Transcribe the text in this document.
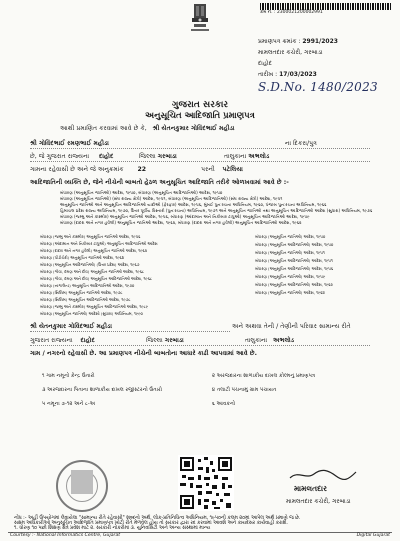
ક્રમ નં. : 2300021200002991
પ્રમાણપત્ર ક્રમાંક : 2991/2023
મામલતદાર કચેરી, ગરબાડા
દાહોદ
તારીખ : 17/03/2023
S.D.No. 1480/2023
ગુજરાત સરકાર
અનુસૂચિત આદિજાતિ પ્રમાણપત્ર
આથી પ્રમાણિત કરવામાં આવે છે કે, શ્રી યેતનકુમાર ગોવિંદભાઈ મહીડા
શ્રી ગોવિંદભાઈ રમણભાઈ મહીડા	ના દિકરા/પુત્ર
છે, જે ગુજરાત રાજ્યના દાહોદ	જિલ્લા ગરબાડા	તાલુકાના અભલોડ
ગામના રહેવાસી છે અને જે અનુક્રમાંક 22	પરની પટેલિયા
આદિજાતિની વ્યક્તિ છે, જેને નીચેની બાબતો હેઠળ અનુસૂચિત આદિજાતિ તરીકે ઓળખવામાં આવે છે :-
બંધારણ (અનુસૂચિત જાતિઓ) આદેશ, ૧૯૫૦, બંધારણ (અનુસૂચિત આદિજાતિઓ) આદેશ, ૧૯૫૦
બંધારણ (અનુસૂચિત જાતિઓ) (સંઘ રાજ્ય ક્ષેત્રો) આદેશ, ૧૯૫૧, બંધારણ (અનુસૂચિત આદિજાતિઓ) (સંઘ રાજ્ય ક્ષેત્રો) આદેશ, ૧૯૫૧
અનુસૂચિત જાતિઓ અને અનુસૂચિત આદિજાતિઓ યાદીઓ (ફેરફાર) આદેશ, ૧૯૫૬, મુંબઈ પુનઃરચના અધિનિયમ, ૧૯૬૦, પંજાબ પુનઃરચના અધિનિયમ, ૧૯૬૬
હિમાચલ પ્રદેશ રાજ્ય અધિનિયમ, ૧૯૭૦, ઉત્તર પૂર્વીય વિસ્તારો (પુનઃરચના) અધિનિયમ, ૧૯૭૧ અને અનુસૂચિત જાતિઓ તથા અનુસૂચિત આદિજાતિઓ આદેશ (સુધારા) અધિનિયમ, ૧૯૭૬
બંધારણ (જમ્મુ અને કાશ્મીર) અનુસૂચિત જાતિઓ આદેશ, ૧૯૫૬, બંધારણ (આંદામાન અને નિકોબાર ટાપુઓ) અનુસૂચિત આદિજાતિઓ આદેશ, ૧૯૫૯
બંધારણ (દાદરા અને નગર હવેલી) અનુસૂચિત જાતિઓ આદેશ, ૧૯૬૨, બંધારણ (દાદરા અને નગર હવેલી) અનુસૂચિત આદિજાતિઓ આદેશ, ૧૯૬૨
બંધારણ (જમ્મુ અને કાશ્મીર) અનુસૂચિત જાતિઓ આદેશ, ૧૯૫૬
બંધારણ (આંદામાન અને નિકોબાર ટાપુઓ) અનુસૂચિત આદિજાતિઓ આદેશ
બંધારણ (દાદરા અને નગર હવેલી) અનુસૂચિત જાતિઓ આદેશ, ૧૯૬૨
બંધારણ (પોંડીચેરી) અનુસૂચિત જાતિઓ આદેશ, ૧૯૬૪
બંધારણ (અનુસૂચિત આદિજાતિઓ) (ઉત્તર પ્રદેશ) આદેશ, ૧૯૬૭
બંધારણ (ગોવા, દમણ અને દીવ) અનુસૂચિત જાતિઓ આદેશ, ૧૯૬૮
બંધારણ (ગોવા, દમણ અને દીવ) અનુસૂચિત આદિજાતિઓ આદેશ, ૧૯૬૮
બંધારણ (નાગાલેન્ડ) અનુસૂચિત આદિજાતિઓ આદેશ, ૧૯૭૦
બંધારણ (સિક્કિમ) અનુસૂચિત જાતિઓ આદેશ, ૧૯૭૮
બંધારણ (સિક્કિમ) અનુસૂચિત આદિજાતિઓ આદેશ, ૧૯૭૮
બંધારણ (જમ્મુ અને કાશ્મીર) અનુસૂચિત આદિજાતિઓ આદેશ, ૧૯૮૯
બંધારણ (અનુસૂચિત જાતિઓ) આદેશો (સુધારા) અધિનિયમ, ૧૯૯૦
બંધારણ (અનુસૂચિત જાતિઓ) આદેશ, ૧૯૫૦
બંધારણ (અનુસૂચિત આદિજાતિઓ) આદેશ, ૧૯૫૦
બંધારણ (અનુસૂચિત જાતિઓ) આદેશ, ૧૯૫૧
બંધારણ (અનુસૂચિત આદિજાતિઓ) આદેશ, ૧૯૫૧
બંધારણ (અનુસૂચિત આદિજાતિઓ) આદેશ, ૧૯૫૬
બંધારણ (અનુસૂચિત જાતિઓ) આદેશ, ૧૯૫૯
બંધારણ (અનુસૂચિત આદિજાતિઓ) આદેશ, ૧૯૬૨
બંધારણ (અનુસૂચિત જાતિઓ) આદેશ, ૧૯૬૪
શ્રી યેતનકુમાર ગોવિંદભાઈ મહીડા	અને અથવા તેની / તેણીની પરિવાર સામાન્ય રીતે
ગુજરાત રાજ્યના દાહોદ	જિલ્લા ગરબાડા	તાલુકાના અભલોડ
ગામ / નગરનો રહેવાસી છે. આ પ્રમાણપત્ર નીચેની બાબતોના આધારે કાઢી આપવામાં આવે છે.
૧ ગામ નમૂનો કેન્દ્ર ઉતારો	૨ અરજદારના શાળાકીય દાખલ કોલ્મનું પ્રમાણપત્ર
૩ અરજદારના પિતાના શાળાકીય દાખલ રજીસ્ટરનો ઉતારો	૪ તલાટી પંચનામું ગ્રામ પંચાયત
૫ નમૂના ૭-૧૨ અને ૮-અ	૬ આવકનો
મામલતદાર
મામલતદાર કચેરી, ગરબાડા
નોંધ :- અહીં ઉપયોગમાં લેવાયેલા "સામાન્ય રીતે રહેવાસી" શબ્દનો અર્થ, લોક-પ્રતિનિધિત્વ અધિનિયમ, ૧૯૫૦ની કલમ ૨૦માં આપેલ અર્થ પ્રમાણે જ છે.
સક્ષમ અધિકારીઓ અનુસૂચિત આદિજાતિ પ્રમાણપત્ર ખોટી રીતે મેળવેલ હોય તો સરકાર દ્વારા રદ કરવામાં આવશે અને કાયદેસર કાર્યવાહી કરાશે.
૧. ધોરણ ૧૦ પછી શિક્ષણ ક્ષેત્રે પ્રવેશ માટે ૨. સરકારી નોકરીમાં ૩. યુનિવર્સિટી અને અન્ય સંસ્થામાં માન્ય
Courtesy :- National Informatics Centre, Gujarat	Digital Gujarat
